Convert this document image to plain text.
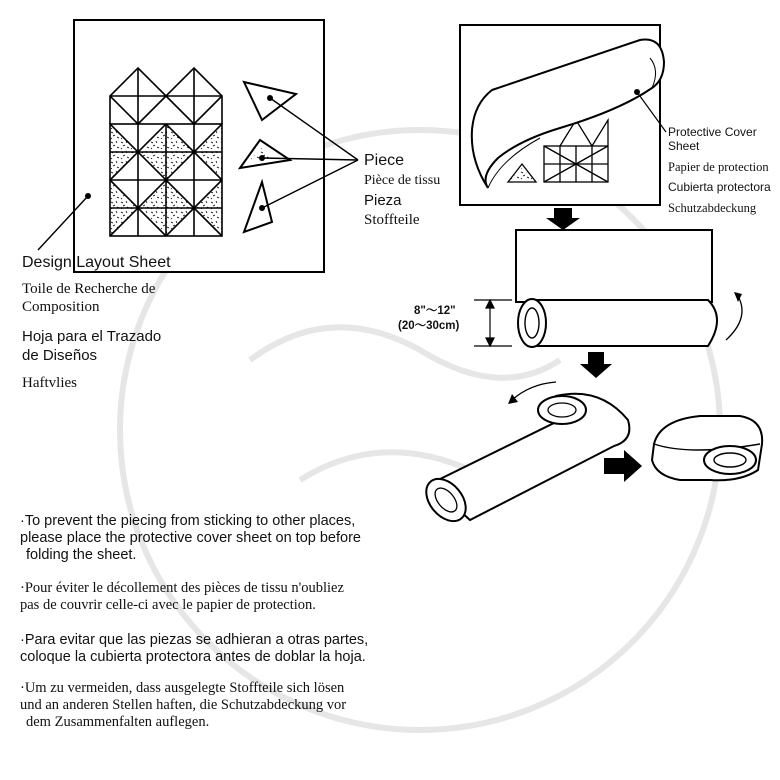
Design Layout Sheet
Toile de Recherche de
Composition
Hoja para el Trazado
de Diseños
Haftvlies
Piece
Pièce de tissu
Pieza
Stoffteile
Protective Cover
Sheet
Papier de protection
Cubierta protectora
Schutzabdeckung
8"～12"
(20～30cm)
·To prevent the piecing from sticking to other places,
please place the protective cover sheet on top before
folding the sheet.
·Pour éviter le décollement des pièces de tissu n'oubliez
pas de couvrir celle-ci avec le papier de protection.
·Para evitar que las piezas se adhieran a otras partes,
coloque la cubierta protectora antes de doblar la hoja.
·Um zu vermeiden, dass ausgelegte Stoffteile sich lösen
und an anderen Stellen haften, die Schutzabdeckung vor
dem Zusammenfalten auflegen.
